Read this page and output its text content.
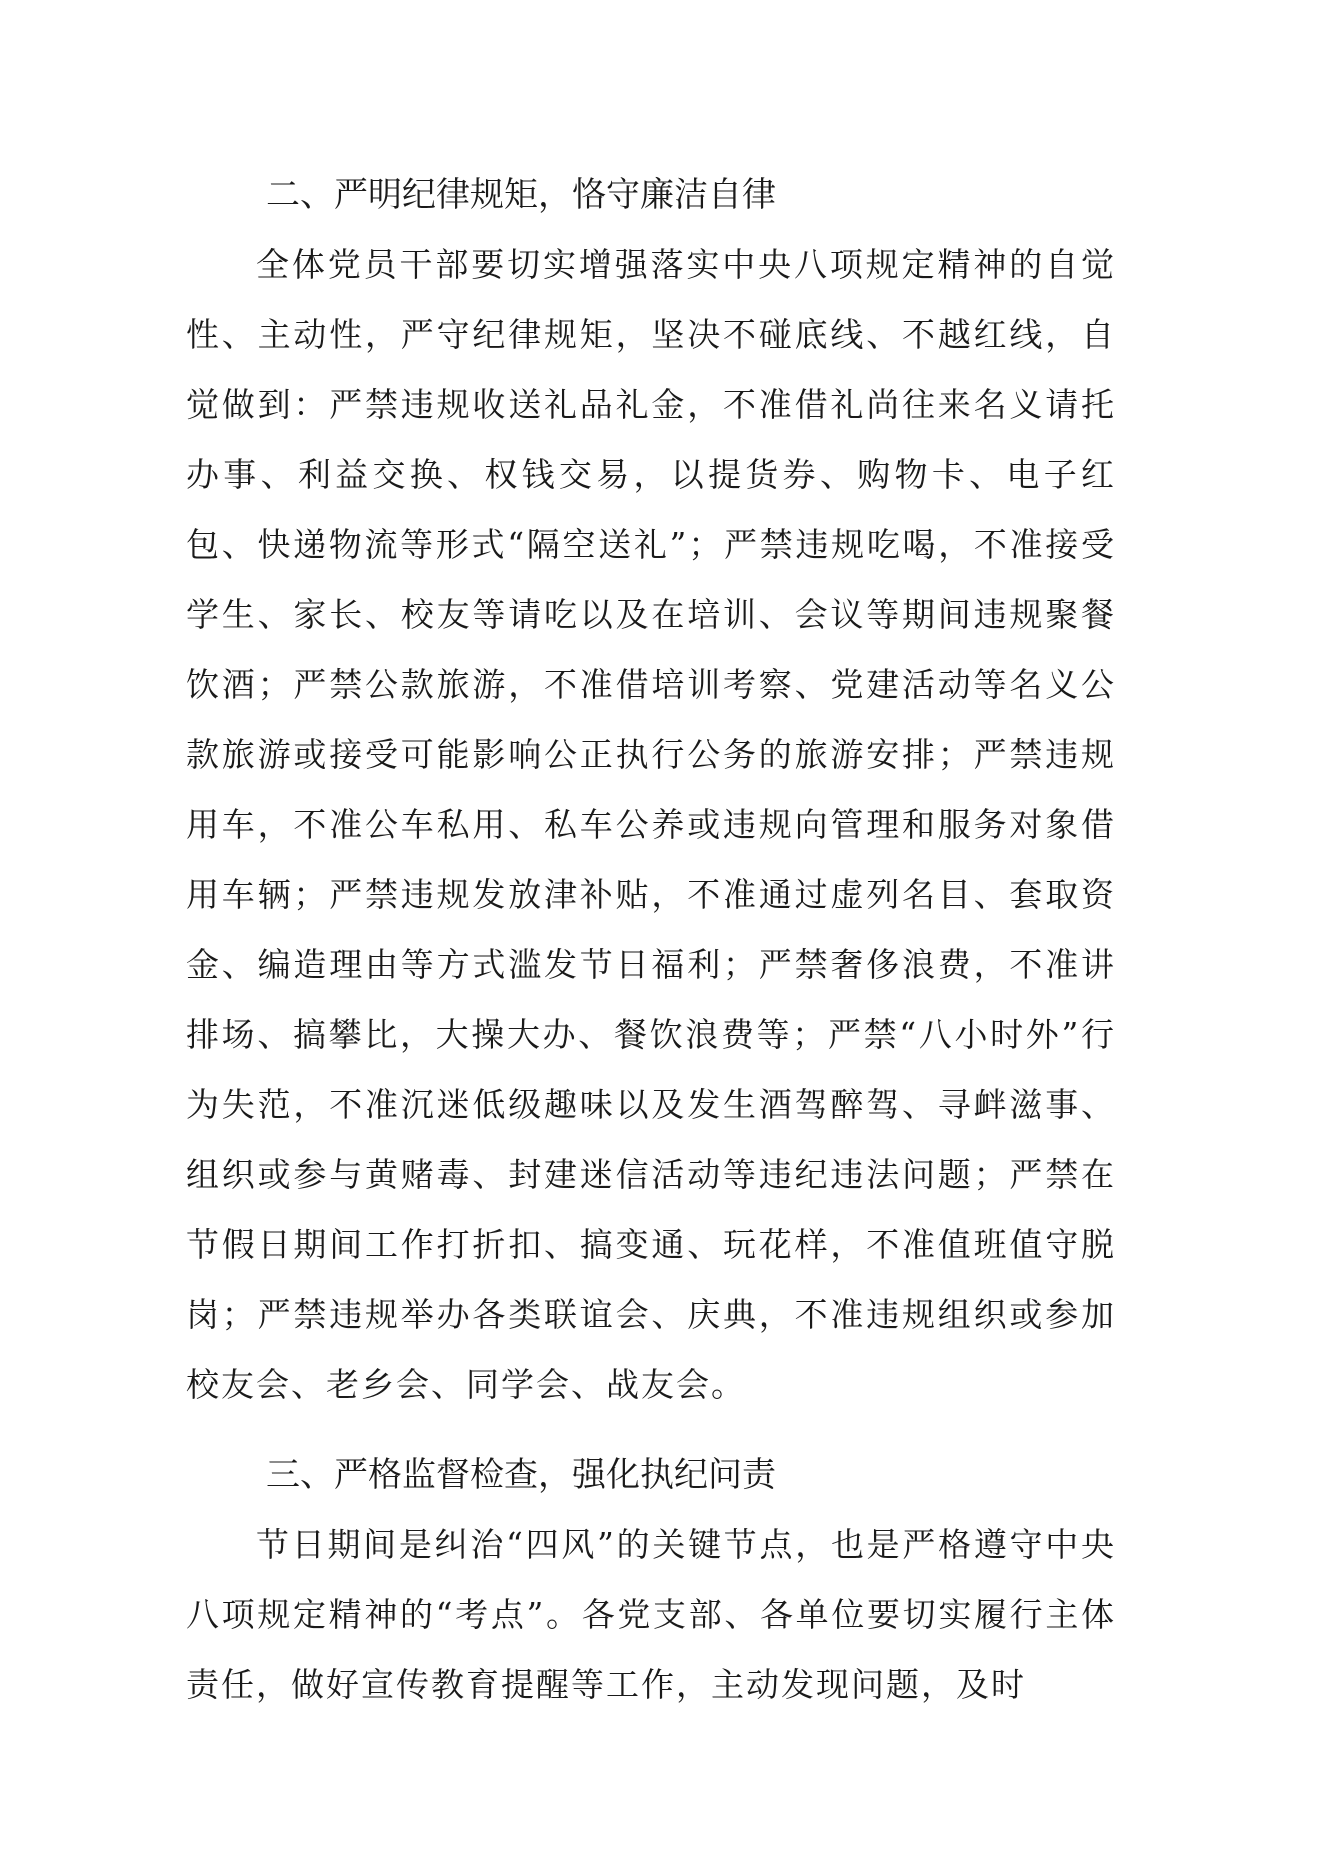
二、严明纪律规矩，恪守廉洁自律

全体党员干部要切实增强落实中央八项规定精神的自觉性、主动性，严守纪律规矩，坚决不碰底线、不越红线，自觉做到：严禁违规收送礼品礼金，不准借礼尚往来名义请托办事、利益交换、权钱交易，以提货券、购物卡、电子红包、快递物流等形式“隔空送礼”；严禁违规吃喝，不准接受学生、家长、校友等请吃以及在培训、会议等期间违规聚餐饮酒；严禁公款旅游，不准借培训考察、党建活动等名义公款旅游或接受可能影响公正执行公务的旅游安排；严禁违规用车，不准公车私用、私车公养或违规向管理和服务对象借用车辆；严禁违规发放津补贴，不准通过虚列名目、套取资金、编造理由等方式滥发节日福利；严禁奢侈浪费，不准讲排场、搞攀比，大操大办、餐饮浪费等；严禁“八小时外”行为失范，不准沉迷低级趣味以及发生酒驾醉驾、寻衅滋事、组织或参与黄赌毒、封建迷信活动等违纪违法问题；严禁在节假日期间工作打折扣、搞变通、玩花样，不准值班值守脱岗；严禁违规举办各类联谊会、庆典，不准违规组织或参加校友会、老乡会、同学会、战友会。

三、严格监督检查，强化执纪问责

节日期间是纠治“四风”的关键节点，也是严格遵守中央八项规定精神的“考点”。各党支部、各单位要切实履行主体责任，做好宣传教育提醒等工作，主动发现问题，及时
